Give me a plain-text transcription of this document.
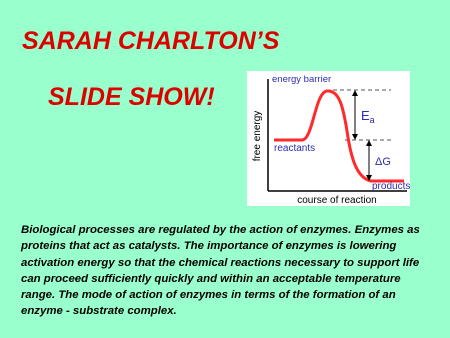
SARAH CHARLTON’S
SLIDE SHOW!
free energy
course of reaction
energy barrier
reactants
products
$E_a$
ΔG

Biological processes are regulated by the action of enzymes. Enzymes as proteins that act as catalysts. The importance of enzymes is lowering activation energy so that the chemical reactions necessary to support life can proceed sufficiently quickly and within an acceptable temperature range. The mode of action of enzymes in terms of the formation of an enzyme - substrate complex.
